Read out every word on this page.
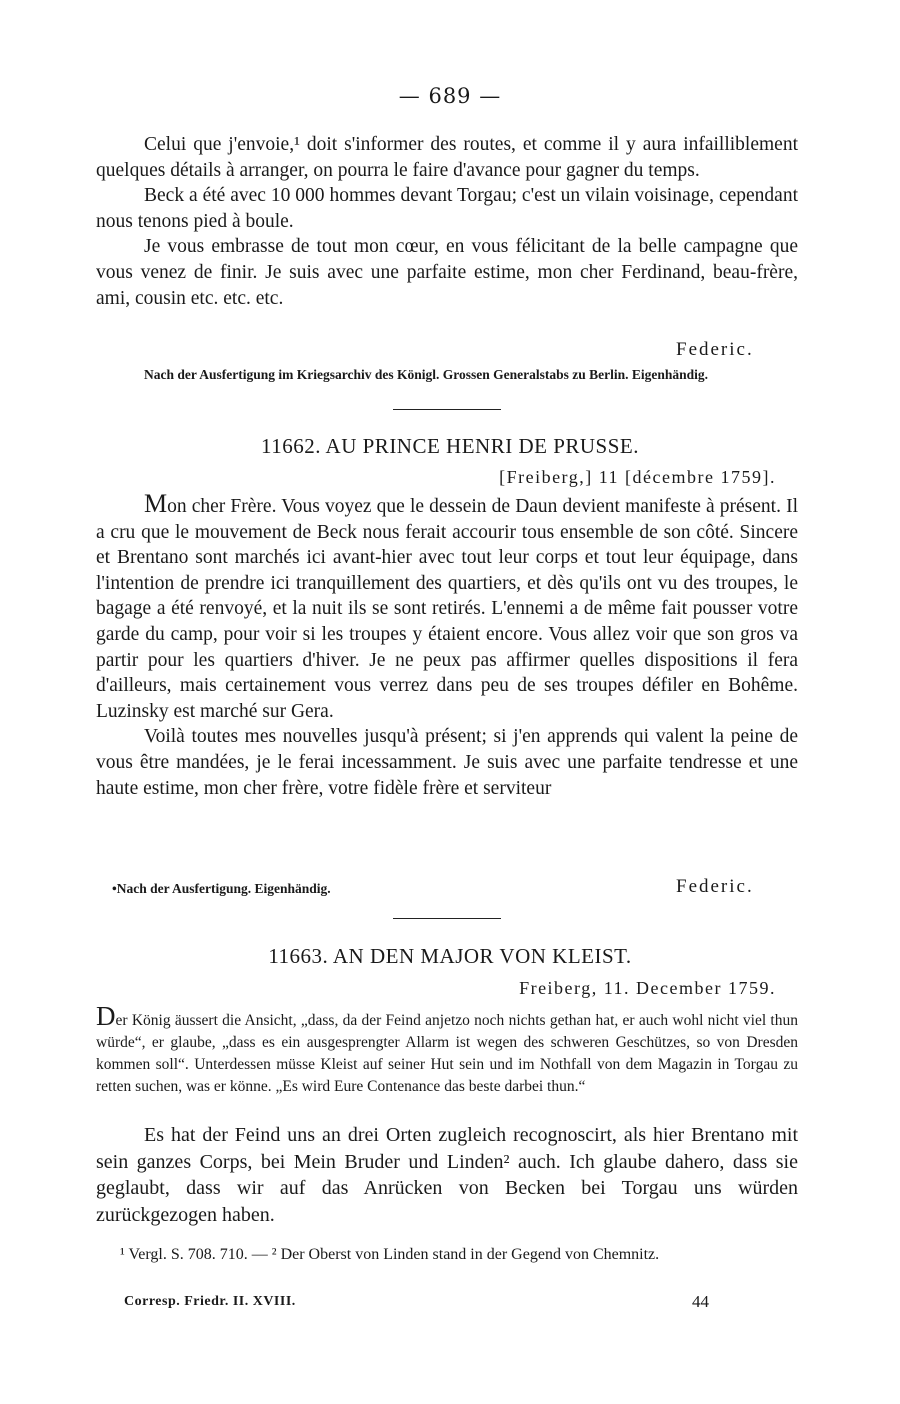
— 689 —

Celui que j'envoie,¹ doit s'informer des routes, et comme il y aura infailliblement quelques détails à arranger, on pourra le faire d'avance pour gagner du temps.

Beck a été avec 10 000 hommes devant Torgau; c'est un vilain voisinage, cependant nous tenons pied à boule.

Je vous embrasse de tout mon cœur, en vous félicitant de la belle campagne que vous venez de finir. Je suis avec une parfaite estime, mon cher Ferdinand, beau-frère, ami, cousin etc. etc. etc.

Federic.

Nach der Ausfertigung im Kriegsarchiv des Königl. Grossen Generalstabs zu Berlin. Eigenhändig.

11662. AU PRINCE HENRI DE PRUSSE.
[Freiberg,] 11 [décembre 1759].

Mon cher Frère. Vous voyez que le dessein de Daun devient manifeste à présent. Il a cru que le mouvement de Beck nous ferait accourir tous ensemble de son côté. Sincere et Brentano sont marchés ici avant-hier avec tout leur corps et tout leur équipage, dans l'intention de prendre ici tranquillement des quartiers, et dès qu'ils ont vu des troupes, le bagage a été renvoyé, et la nuit ils se sont retirés. L'ennemi a de même fait pousser votre garde du camp, pour voir si les troupes y étaient encore. Vous allez voir que son gros va partir pour les quartiers d'hiver. Je ne peux pas affirmer quelles dispositions il fera d'ailleurs, mais certainement vous verrez dans peu de ses troupes défiler en Bohême. Luzinsky est marché sur Gera.

Voilà toutes mes nouvelles jusqu'à présent; si j'en apprends qui valent la peine de vous être mandées, je le ferai incessamment. Je suis avec une parfaite tendresse et une haute estime, mon cher frère, votre fidèle frère et serviteur

•Nach der Ausfertigung. Eigenhändig.	Federic.
11663. AN DEN MAJOR VON KLEIST.
Freiberg, 11. December 1759.

Der König äussert die Ansicht, „dass, da der Feind anjetzo noch nichts gethan hat, er auch wohl nicht viel thun würde“, er glaube, „dass es ein ausgesprengter Allarm ist wegen des schweren Geschützes, so von Dresden kommen soll“. Unterdessen müsse Kleist auf seiner Hut sein und im Nothfall von dem Magazin in Torgau zu retten suchen, was er könne. „Es wird Eure Contenance das beste darbei thun.“

Es hat der Feind uns an drei Orten zugleich recognoscirt, als hier Brentano mit sein ganzes Corps, bei Mein Bruder und Linden² auch. Ich glaube dahero, dass sie geglaubt, dass wir auf das Anrücken von Becken bei Torgau uns würden zurückgezogen haben.

¹ Vergl. S. 708. 710. — ² Der Oberst von Linden stand in der Gegend von Chemnitz.

Corresp. Friedr. II. XVIII.	44
